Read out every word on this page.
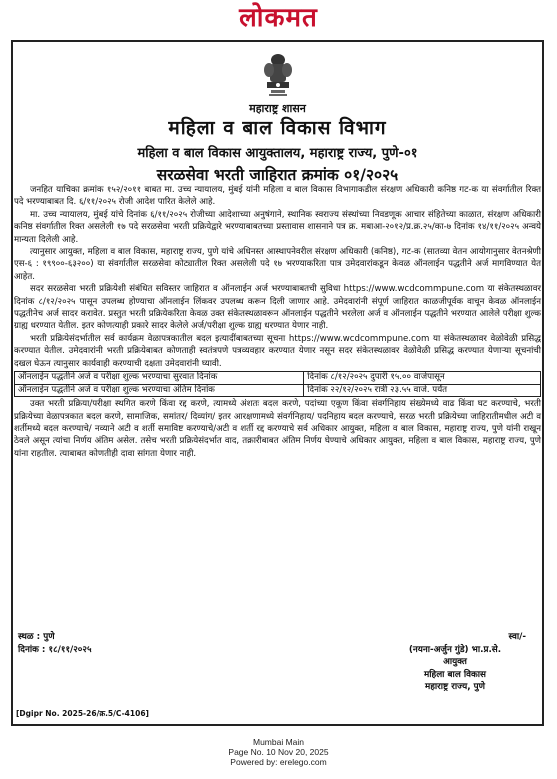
लोकमत
महाराष्ट्र शासन
महिला व बाल विकास विभाग
महिला व बाल विकास आयुक्तालय, महाराष्ट्र राज्य, पुणे-०१
सरळसेवा भरती जाहिरात क्रमांक ०१/२०२५

जनहित याचिका क्रमांक १५२/२०११ बाबत मा. उच्च न्यायालय, मुंबई यांनी महिला व बाल विकास विभागाकडील संरक्षण अधिकारी कनिष्ठ गट-क या संवर्गातील रिक्त पदे भरण्याबाबत दि. ६/११/२०२५ रोजी आदेश पारित केलेले आहे.

मा. उच्च न्यायालय, मुंबई यांचे दिनांक ६/११/२०२५ रोजीच्या आदेशाच्या अनुषंगाने, स्थानिक स्वराज्य संस्थांच्या निवडणूक आचार संहितेच्या काळात, संरक्षण अधिकारी कनिष्ठ संवर्गातील रिक्त असलेली १७ पदे सरळसेवा भरती प्रक्रियेद्वारे भरण्याबाबतच्या प्रस्तावास शासनाने पत्र क्र. मबाआ-२०१२/प्र.क्र.२५/का-७ दिनांक १४/११/२०२५ अन्वये मान्यता दिलेली आहे.

त्यानुसार आयुक्त, महिला व बाल विकास, महाराष्ट्र राज्य, पुणे यांचे अधिनस्त आस्थापनेवरील संरक्षण अधिकारी (कनिष्ठ), गट-क (सातव्या वेतन आयोगानुसार वेतनश्रेणी एस-६ : १९९००-६३२००) या संवर्गातील सरळसेवा कोट्यातील रिक्त असलेली पदे १७ भरण्याकरिता पात्र उमेदवारांकडून केवळ ऑनलाईन पद्धतीने अर्ज मागविण्यात येत आहेत.

सदर सरळसेवा भरती प्रक्रियेशी संबंधित सविस्तर जाहिरात व ऑनलाईन अर्ज भरण्याबाबतची सुविधा https://www.wcdcommpune.com या संकेतस्थळावर दिनांक ८/१२/२०२५ पासून उपलब्ध होण्याचा ऑनलाईन लिंकवर उपलब्ध करून दिली जाणार आहे. उमेदवारांनी संपूर्ण जाहिरात काळजीपूर्वक वाचून केवळ ऑनलाईन पद्धतीनेच अर्ज सादर करावेत. प्रस्तुत भरती प्रक्रियेकरिता केवळ उक्त संकेतस्थळावरून ऑनलाईन पद्धतीने भरलेला अर्ज व ऑनलाईन पद्धतीने भरण्यात आलेले परीक्षा शुल्क ग्राह्य धरण्यात येतील. इतर कोणत्याही प्रकारे सादर केलेले अर्ज/परीक्षा शुल्क ग्राह्य धरण्यात येणार नाही.

भरती प्रक्रियेसंदर्भातील सर्व कार्यक्रम वेळापत्रकातील बदल इत्यादींबाबतच्या सूचना https://www.wcdcommpune.com या संकेतस्थळावर वेळोवेळी प्रसिद्ध करण्यात येतील. उमेदवारांनी भरती प्रक्रियेबाबत कोणताही स्वतंत्रपणे पत्रव्यवहार करण्यात येणार नसून सदर संकेतस्थळावर वेळोवेळी प्रसिद्ध करण्यात येणाऱ्या सूचनांची दखल घेऊन त्यानुसार कार्यवाही करण्याची दक्षता उमेदवारांनी घ्यावी.

ऑनलाईन पद्धतीने अर्ज व परीक्षा शुल्क भरण्याचा सुरवात दिनांक	दिनांक ८/१२/२०२५ दुपारी १५.०० वाजेपासून
ऑनलाईन पद्धतीने अर्ज व परीक्षा शुल्क भरण्याचा अंतिम दिनांक	दिनांक २२/१२/२०२५ रात्री २३.५५ वाजे. पर्यंत

उक्त भरती प्रक्रिया/परीक्षा स्थगित करणे किंवा रद्द करणे, त्यामध्ये अंशतः बदल करणे, पदांच्या एकूण किंवा संवर्गनिहाय संख्येमध्ये वाढ किंवा घट करण्याचे, भरती प्रक्रियेच्या वेळापत्रकात बदल करणे, सामाजिक, समांतर/ दिव्यांग/ इतर आरक्षणामध्ये संवर्गनिहाय/ पदनिहाय बदल करण्याचे, सरळ भरती प्रक्रियेच्या जाहिरातीमधील अटी व शर्तीमध्ये बदल करण्याचे/ नव्याने अटी व शर्ती समाविष्ट करण्याचे/अटी व शर्ती रद्द करण्याचे सर्व अधिकार आयुक्त, महिला व बाल विकास, महाराष्ट्र राज्य, पुणे यांनी राखून ठेवले असून त्यांचा निर्णय अंतिम असेल. तसेच भरती प्रक्रियेसंदर्भात वाद, तक्रारीबाबत अंतिम निर्णय घेण्याचे अधिकार आयुक्त, महिला व बाल विकास, महाराष्ट्र राज्य, पुणे यांना राहतील. त्याबाबत कोणतीही दावा सांगता येणार नाही.

स्थळ : पुणे
दिनांक : १८/११/२०२५
स्वा/-
(नयना-अर्जुन गुंडे) भा.प्र.से.
आयुक्त
महिला बाल विकास
महाराष्ट्र राज्य, पुणे
[Dgipr No. 2025-26/क्र.5/C-4106]
Mumbai Main
Page No. 10 Nov 20, 2025
Powered by: erelego.com
